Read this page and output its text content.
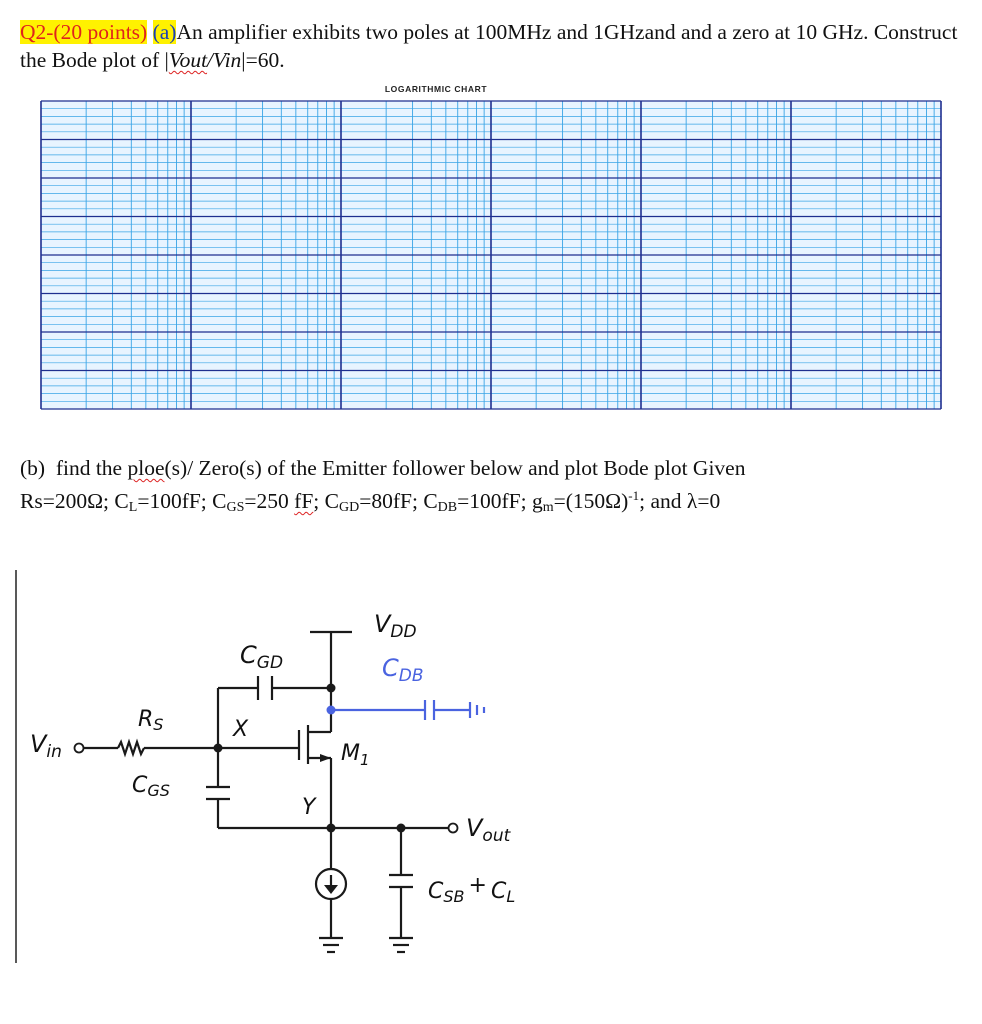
Q2-(20 points) (a)An amplifier exhibits two poles at 100MHz and 1GHzand and a zero at 10 GHz. Construct the Bode plot of |Vout/Vin|=60.
LOGARITHMIC CHART
(b) find the ploe(s)/ Zero(s) of the Emitter follower below and plot Bode plot Given
Rs=200Ω; $C_L=100fF$; $C_{GS}=250$ fF; $C_{GD}=80fF$; $C_{DB}=100fF$; $g_m=(150\Omega)^{-1}$; and λ=0
$V_{DD}$
$C_{GD}$	$C_{DB}$
RS	X
$M_1$
$V_{in}$
CGS
Y
$V_{out}$
CSB + CL
